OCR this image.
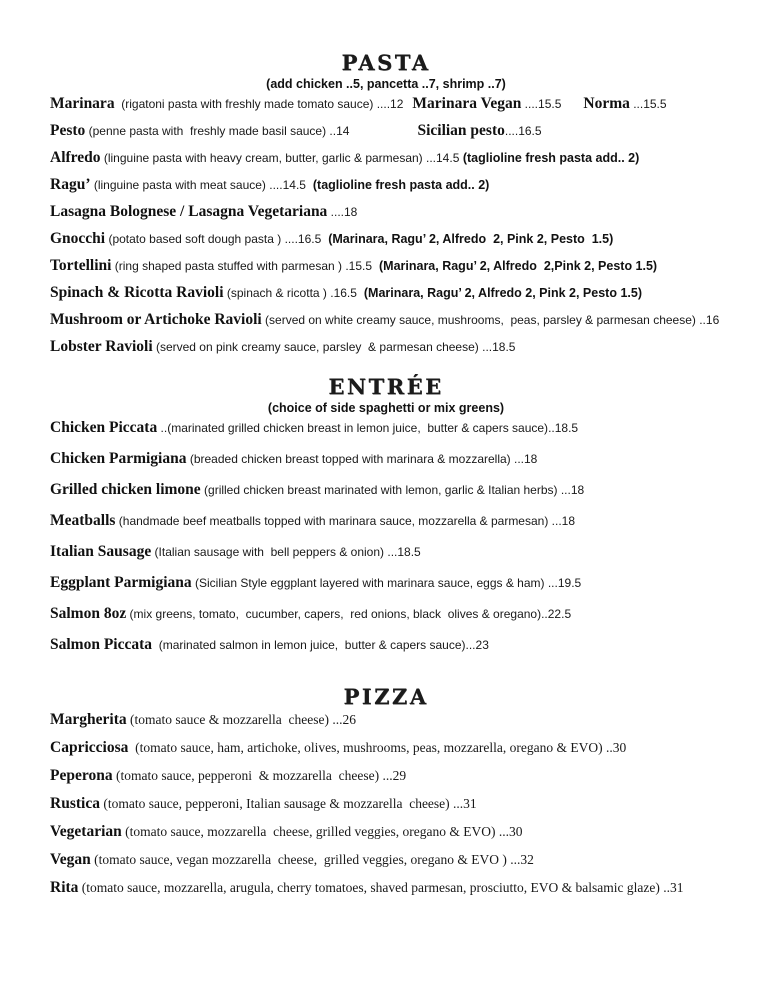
PASTA
(add chicken ..5, pancetta ..7, shrimp ..7)
Marinara  (rigatoni pasta with freshly made tomato sauce) ....12 Marinara Vegan ....15.5 Norma ...15.5
Pesto (penne pasta with  freshly made basil sauce) ..14	Sicilian pesto....16.5
Alfredo (linguine pasta with heavy cream, butter, garlic & parmesan) ...14.5 (taglioline fresh pasta add.. 2)
Ragu’ (linguine pasta with meat sauce) ....14.5  (taglioline fresh pasta add.. 2)
Lasagna Bolognese / Lasagna Vegetariana ....18
Gnocchi (potato based soft dough pasta ) ....16.5  (Marinara, Ragu’ 2, Alfredo  2, Pink 2, Pesto  1.5)
Tortellini (ring shaped pasta stuffed with parmesan ) .15.5  (Marinara, Ragu’ 2, Alfredo  2,Pink 2, Pesto 1.5)
Spinach & Ricotta Ravioli (spinach & ricotta ) .16.5  (Marinara, Ragu’ 2, Alfredo 2, Pink 2, Pesto 1.5)
Mushroom or Artichoke Ravioli (served on white creamy sauce, mushrooms,  peas, parsley & parmesan cheese) ..16
Lobster Ravioli (served on pink creamy sauce, parsley  & parmesan cheese) ...18.5
ENTRÉE
(choice of side spaghetti or mix greens)
Chicken Piccata ..(marinated grilled chicken breast in lemon juice,  butter & capers sauce)..18.5
Chicken Parmigiana (breaded chicken breast topped with marinara & mozzarella) ...18
Grilled chicken limone (grilled chicken breast marinated with lemon, garlic & Italian herbs) ...18
Meatballs (handmade beef meatballs topped with marinara sauce, mozzarella & parmesan) ...18
Italian Sausage (Italian sausage with  bell peppers & onion) ...18.5
Eggplant Parmigiana (Sicilian Style eggplant layered with marinara sauce, eggs & ham) ...19.5
Salmon 8oz (mix greens, tomato,  cucumber, capers,  red onions, black  olives & oregano)..22.5
Salmon Piccata  (marinated salmon in lemon juice,  butter & capers sauce)...23
PIZZA
Margherita (tomato sauce & mozzarella  cheese) ...26
Capricciosa  (tomato sauce, ham, artichoke, olives, mushrooms, peas, mozzarella, oregano & EVO) ..30
Peperona (tomato sauce, pepperoni  & mozzarella  cheese) ...29
Rustica (tomato sauce, pepperoni, Italian sausage & mozzarella  cheese) ...31
Vegetarian (tomato sauce, mozzarella  cheese, grilled veggies, oregano & EVO) ...30
Vegan (tomato sauce, vegan mozzarella  cheese,  grilled veggies, oregano & EVO ) ...32
Rita (tomato sauce, mozzarella, arugula, cherry tomatoes, shaved parmesan, prosciutto, EVO & balsamic glaze) ..31
